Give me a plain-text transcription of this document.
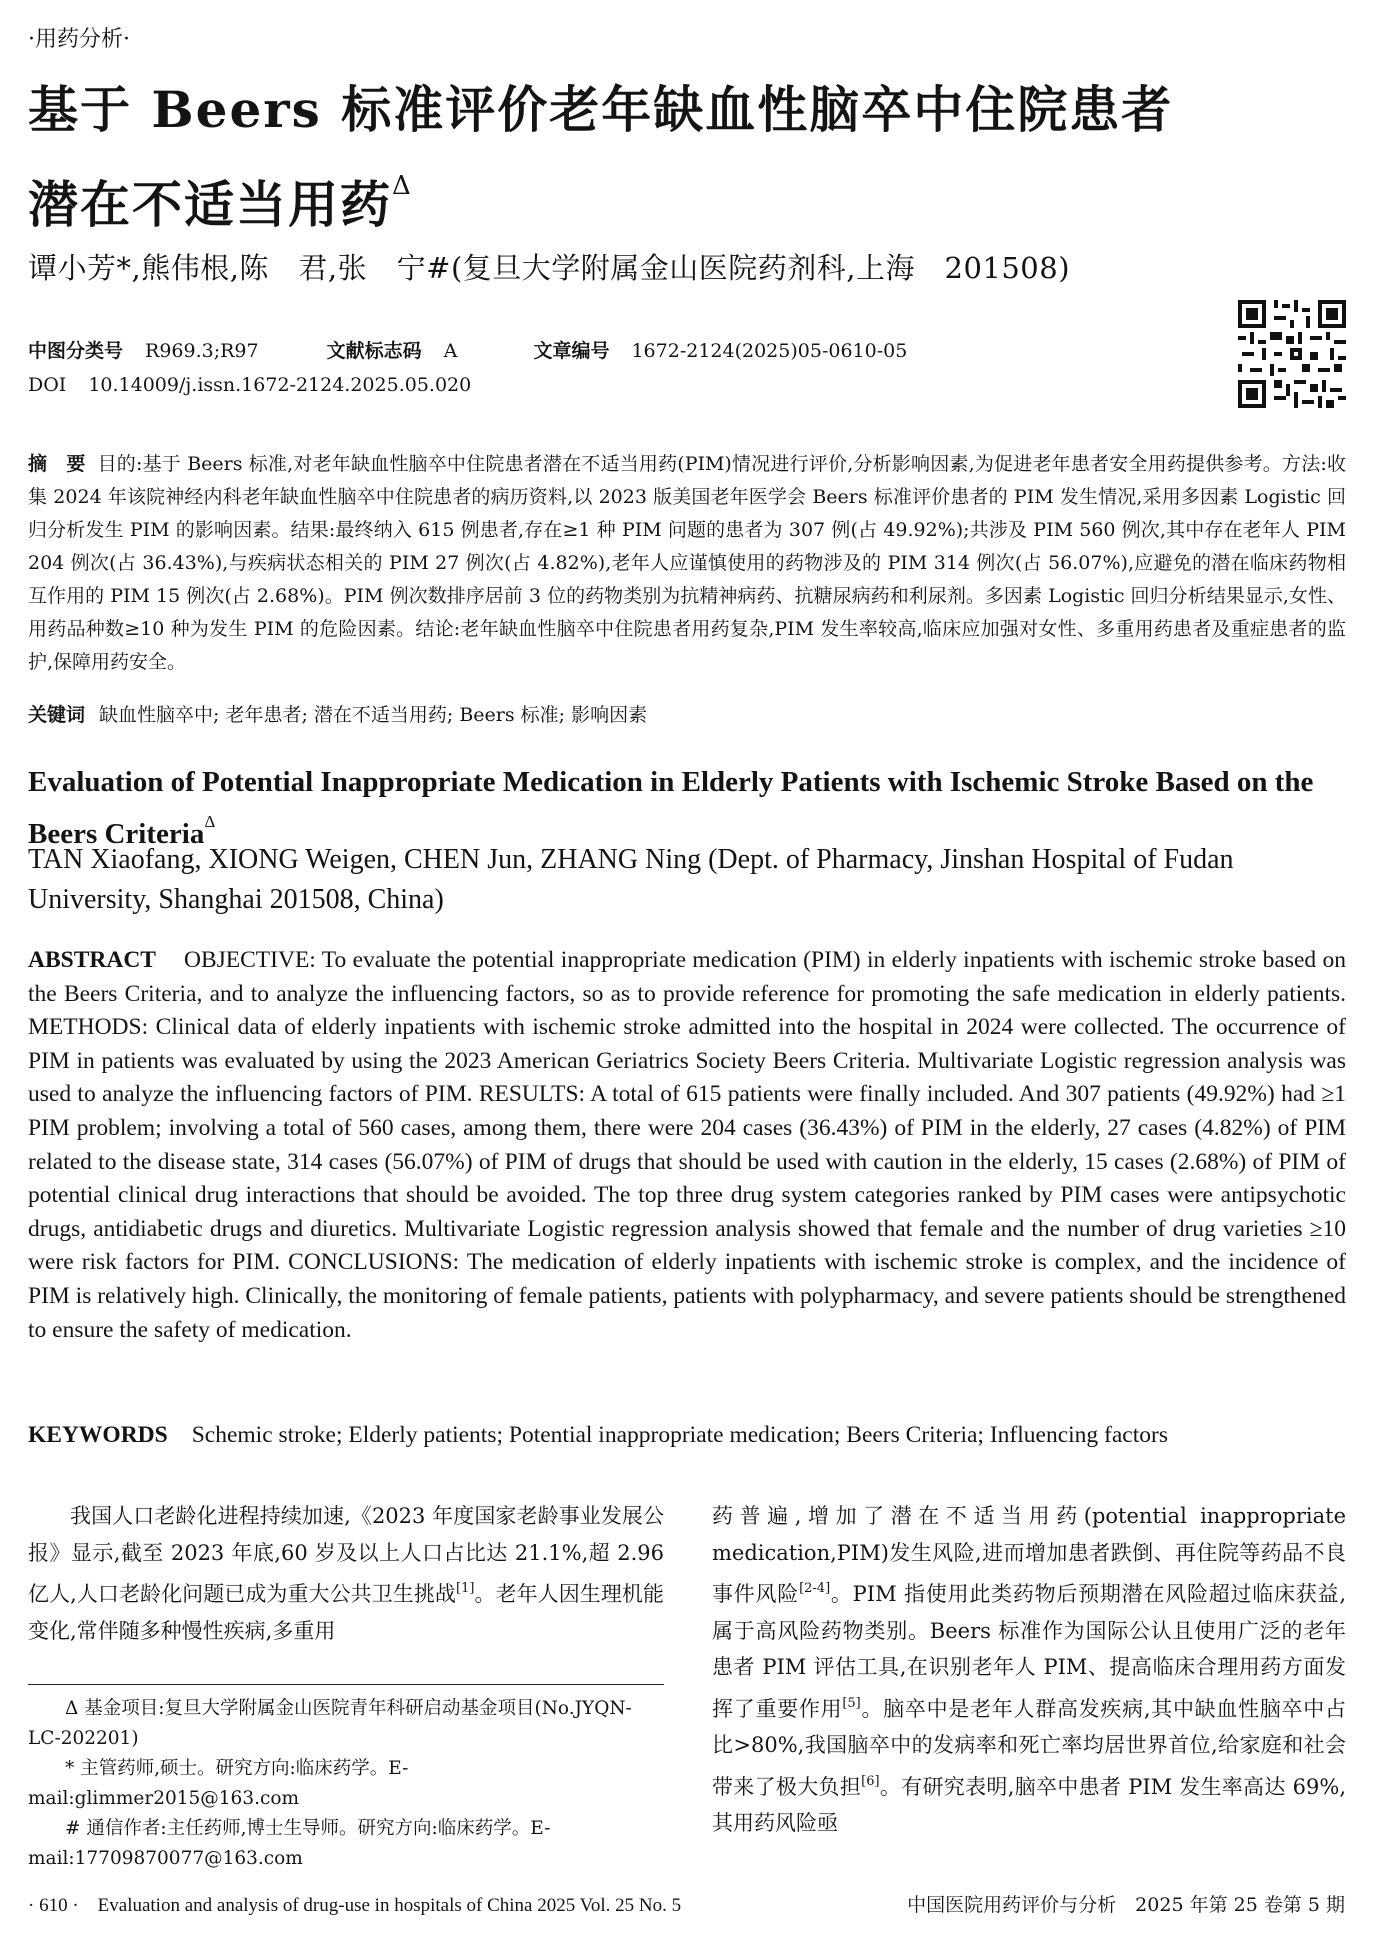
·用药分析·
基于 Beers 标准评价老年缺血性脑卒中住院患者
潜在不适当用药$^\Delta$
谭小芳*,熊伟根,陈　君,张　宁#(复旦大学附属金山医院药剂科,上海　201508)
中图分类号 R969.3;R97	文献标志码 A	文章编号 1672-2124(2025)05-0610-05
DOI 10.14009/j.issn.1672-2124.2025.05.020
摘　要 目的:基于 Beers 标准,对老年缺血性脑卒中住院患者潜在不适当用药(PIM)情况进行评价,分析影响因素,为促进老年患者安全用药提供参考。方法:收集 2024 年该院神经内科老年缺血性脑卒中住院患者的病历资料,以 2023 版美国老年医学会 Beers 标准评价患者的 PIM 发生情况,采用多因素 Logistic 回归分析发生 PIM 的影响因素。结果:最终纳入 615 例患者,存在≥1 种 PIM 问题的患者为 307 例(占 49.92%);共涉及 PIM 560 例次,其中存在老年人 PIM 204 例次(占 36.43%),与疾病状态相关的 PIM 27 例次(占 4.82%),老年人应谨慎使用的药物涉及的 PIM 314 例次(占 56.07%),应避免的潜在临床药物相互作用的 PIM 15 例次(占 2.68%)。PIM 例次数排序居前 3 位的药物类别为抗精神病药、抗糖尿病药和利尿剂。多因素 Logistic 回归分析结果显示,女性、用药品种数≥10 种为发生 PIM 的危险因素。结论:老年缺血性脑卒中住院患者用药复杂,PIM 发生率较高,临床应加强对女性、多重用药患者及重症患者的监护,保障用药安全。
关键词 缺血性脑卒中; 老年患者; 潜在不适当用药; Beers 标准; 影响因素
Evaluation of Potential Inappropriate Medication in Elderly Patients with Ischemic Stroke Based on the Beers Criteria$^\Delta$
TAN Xiaofang, XIONG Weigen, CHEN Jun, ZHANG Ning (Dept. of Pharmacy, Jinshan Hospital of Fudan University, Shanghai 201508, China)
ABSTRACT OBJECTIVE: To evaluate the potential inappropriate medication (PIM) in elderly inpatients with ischemic stroke based on the Beers Criteria, and to analyze the influencing factors, so as to provide reference for promoting the safe medication in elderly patients. METHODS: Clinical data of elderly inpatients with ischemic stroke admitted into the hospital in 2024 were collected. The occurrence of PIM in patients was evaluated by using the 2023 American Geriatrics Society Beers Criteria. Multivariate Logistic regression analysis was used to analyze the influencing factors of PIM. RESULTS: A total of 615 patients were finally included. And 307 patients (49.92%) had ≥1 PIM problem; involving a total of 560 cases, among them, there were 204 cases (36.43%) of PIM in the elderly, 27 cases (4.82%) of PIM related to the disease state, 314 cases (56.07%) of PIM of drugs that should be used with caution in the elderly, 15 cases (2.68%) of PIM of potential clinical drug interactions that should be avoided. The top three drug system categories ranked by PIM cases were antipsychotic drugs, antidiabetic drugs and diuretics. Multivariate Logistic regression analysis showed that female and the number of drug varieties ≥10 were risk factors for PIM. CONCLUSIONS: The medication of elderly inpatients with ischemic stroke is complex, and the incidence of PIM is relatively high. Clinically, the monitoring of female patients, patients with polypharmacy, and severe patients should be strengthened to ensure the safety of medication.
KEYWORDS Schemic stroke; Elderly patients; Potential inappropriate medication; Beers Criteria; Influencing factors

我国人口老龄化进程持续加速,《2023 年度国家老龄事业发展公报》显示,截至 2023 年底,60 岁及以上人口占比达 21.1%,超 2.96 亿人,人口老龄化问题已成为重大公共卫生挑战[1]。老年人因生理机能变化,常伴随多种慢性疾病,多重用

Δ 基金项目:复旦大学附属金山医院青年科研启动基金项目(No.JYQN-LC-202201)

* 主管药师,硕士。研究方向:临床药学。E-mail:glimmer2015@163.com

# 通信作者:主任药师,博士生导师。研究方向:临床药学。E-mail:17709870077@163.com

药普遍,增加了潜在不适当用药(potential inappropriate medication,PIM)发生风险,进而增加患者跌倒、再住院等药品不良事件风险[2-4]。PIM 指使用此类药物后预期潜在风险超过临床获益,属于高风险药物类别。Beers 标准作为国际公认且使用广泛的老年患者 PIM 评估工具,在识别老年人 PIM、提高临床合理用药方面发挥了重要作用[5]。脑卒中是老年人群高发疾病,其中缺血性脑卒中占比>80%,我国脑卒中的发病率和死亡率均居世界首位,给家庭和社会带来了极大负担[6]。有研究表明,脑卒中患者 PIM 发生率高达 69%,其用药风险亟

· 610 ·　Evaluation and analysis of drug-use in hospitals of China 2025 Vol. 25 No. 5	中国医院用药评价与分析　2025 年第 25 卷第 5 期
